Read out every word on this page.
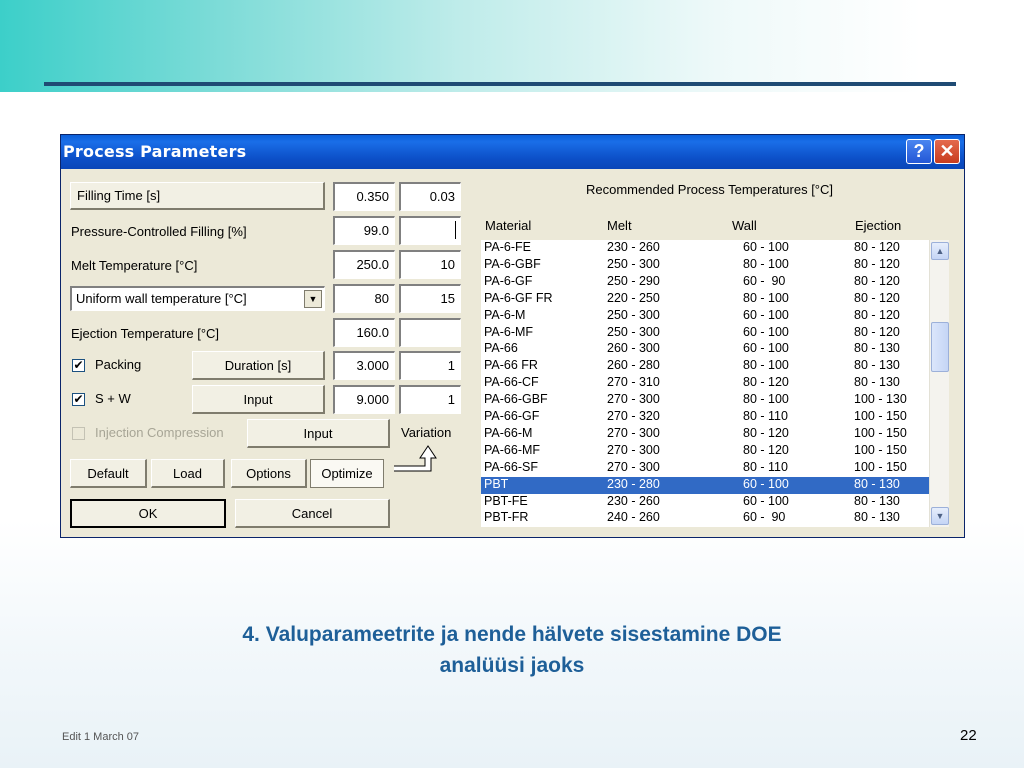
Process Parameters	? ✕
Filling Time [s]	0.350	0.03
Pressure-Controlled Filling [%]	99.0
Melt Temperature [°C]	250.0	10
Uniform wall temperature [°C]	▼	80	15
Ejection Temperature [°C]	160.0
✔ Packing	Duration [s]	3.000	1
✔ S + W	Input	9.000	1
Injection Compression	Input	Variation
Default	Load	Options	Optimize
OK	Cancel
Recommended Process Temperatures [°C]
Material	Melt	Wall	Ejection
PA-6-FE	230 - 260	60 - 100	80 - 120
PA-6-GBF	250 - 300	80 - 100	80 - 120
PA-6-GF	250 - 290	60 -  90	80 - 120
PA-6-GF FR	220 - 250	80 - 100	80 - 120
PA-6-M	250 - 300	60 - 100	80 - 120
PA-6-MF	250 - 300	60 - 100	80 - 120
PA-66	260 - 300	60 - 100	80 - 130
PA-66 FR	260 - 280	80 - 100	80 - 130
PA-66-CF	270 - 310	80 - 120	80 - 130
PA-66-GBF	270 - 300	80 - 100	100 - 130
PA-66-GF	270 - 320	80 - 110	100 - 150
PA-66-M	270 - 300	80 - 120	100 - 150
PA-66-MF	270 - 300	80 - 120	100 - 150
PA-66-SF	270 - 300	80 - 110	100 - 150
PBT	230 - 280	60 - 100	80 - 130
PBT-FE	230 - 260	60 - 100	80 - 130
PBT-FR	240 - 260	60 -  90	80 - 130
▲
▼
4. Valuparameetrite ja nende hälvete sisestamine DOE
analüüsi jaoks
Edit 1 March 07	22
